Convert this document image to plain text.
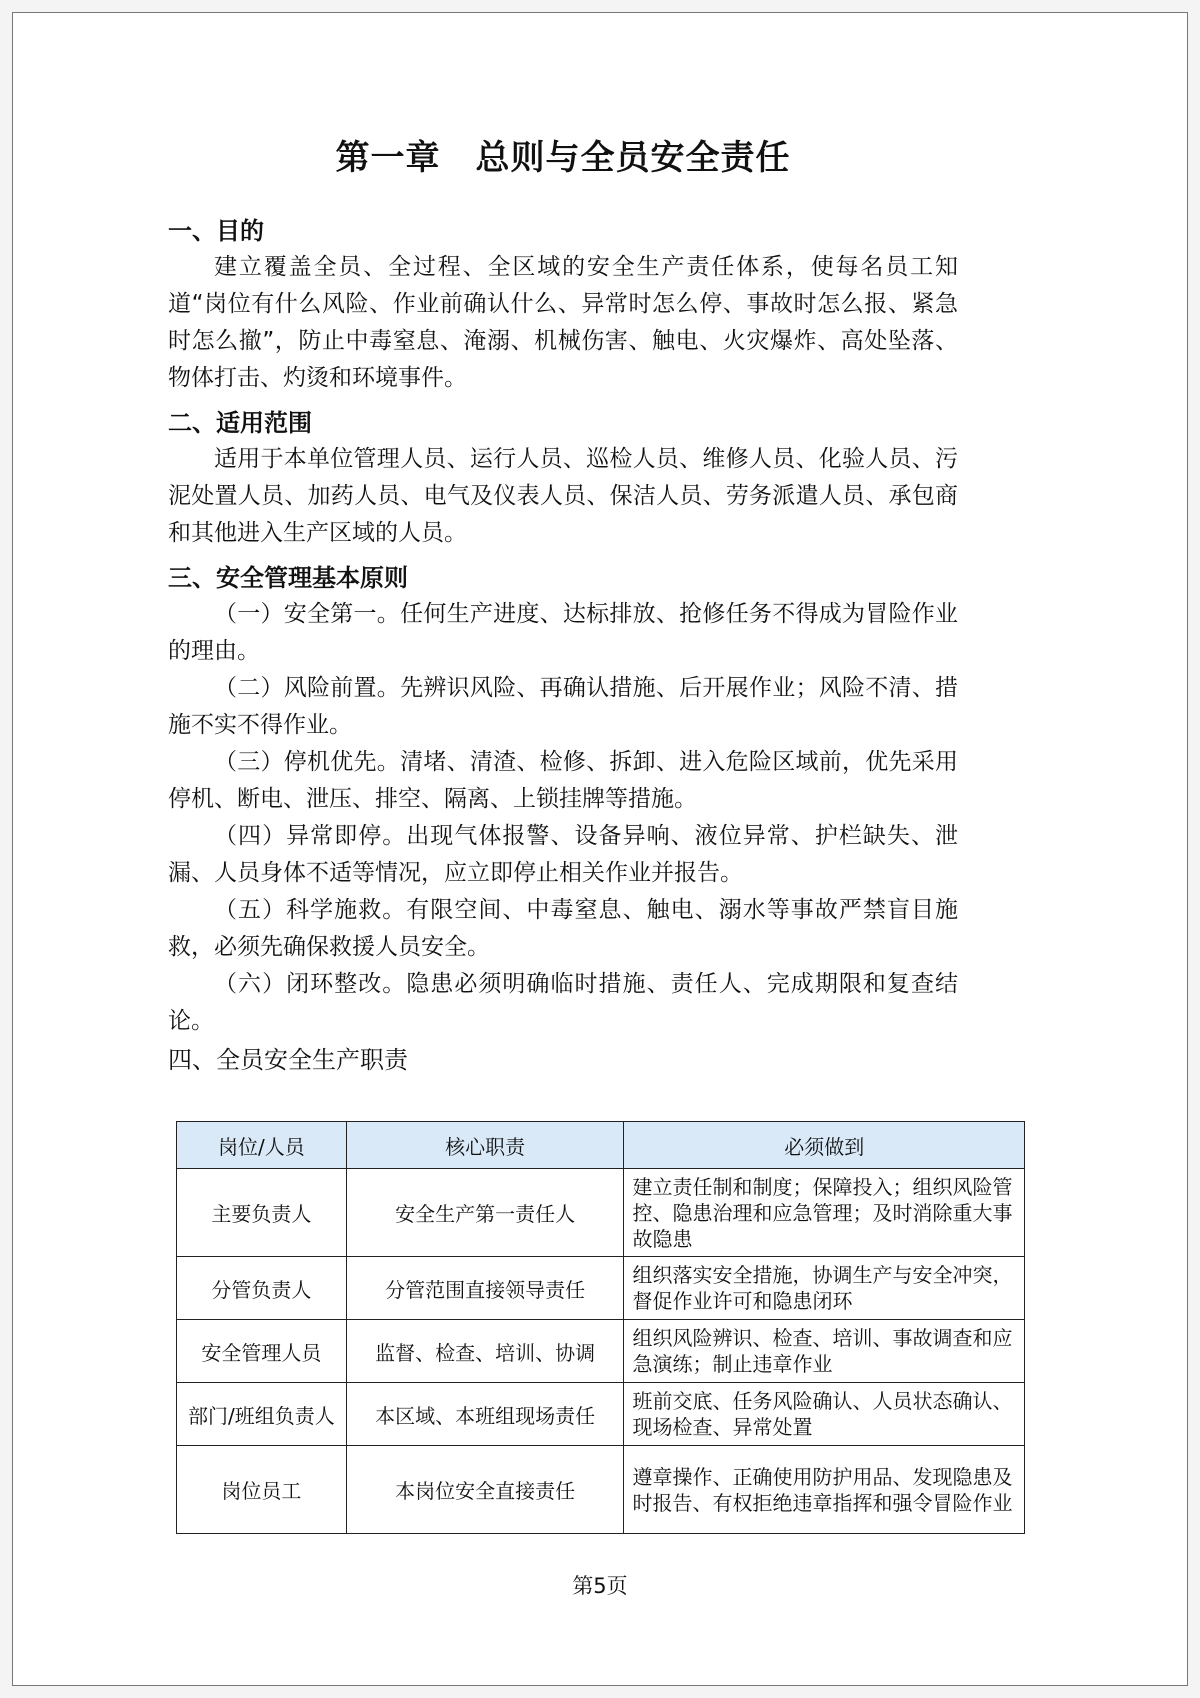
第一章　总则与全员安全责任
一、目的

建立覆盖全员、全过程、全区域的安全生产责任体系，使每名员工知道“岗位有什么风险、作业前确认什么、异常时怎么停、事故时怎么报、紧急时怎么撤”，防止中毒窒息、淹溺、机械伤害、触电、火灾爆炸、高处坠落、物体打击、灼烫和环境事件。

二、适用范围

适用于本单位管理人员、运行人员、巡检人员、维修人员、化验人员、污泥处置人员、加药人员、电气及仪表人员、保洁人员、劳务派遣人员、承包商和其他进入生产区域的人员。

三、安全管理基本原则

（一）安全第一。任何生产进度、达标排放、抢修任务不得成为冒险作业的理由。

（二）风险前置。先辨识风险、再确认措施、后开展作业；风险不清、措施不实不得作业。

（三）停机优先。清堵、清渣、检修、拆卸、进入危险区域前，优先采用停机、断电、泄压、排空、隔离、上锁挂牌等措施。

（四）异常即停。出现气体报警、设备异响、液位异常、护栏缺失、泄漏、人员身体不适等情况，应立即停止相关作业并报告。

（五）科学施救。有限空间、中毒窒息、触电、溺水等事故严禁盲目施救，必须先确保救援人员安全。

（六）闭环整改。隐患必须明确临时措施、责任人、完成期限和复查结论。

四、全员安全生产职责
岗位/人员	核心职责	必须做到
主要负责人	安全生产第一责任人	建立责任制和制度；保障投入；组织风险管控、隐患治理和应急管理；及时消除重大事故隐患
分管负责人	分管范围直接领导责任	组织落实安全措施，协调生产与安全冲突，督促作业许可和隐患闭环
安全管理人员	监督、检查、培训、协调	组织风险辨识、检查、培训、事故调查和应急演练；制止违章作业
部门/班组负责人	本区域、本班组现场责任	班前交底、任务风险确认、人员状态确认、现场检查、异常处置
岗位员工	本岗位安全直接责任	遵章操作、正确使用防护用品、发现隐患及时报告、有权拒绝违章指挥和强令冒险作业
第5页
